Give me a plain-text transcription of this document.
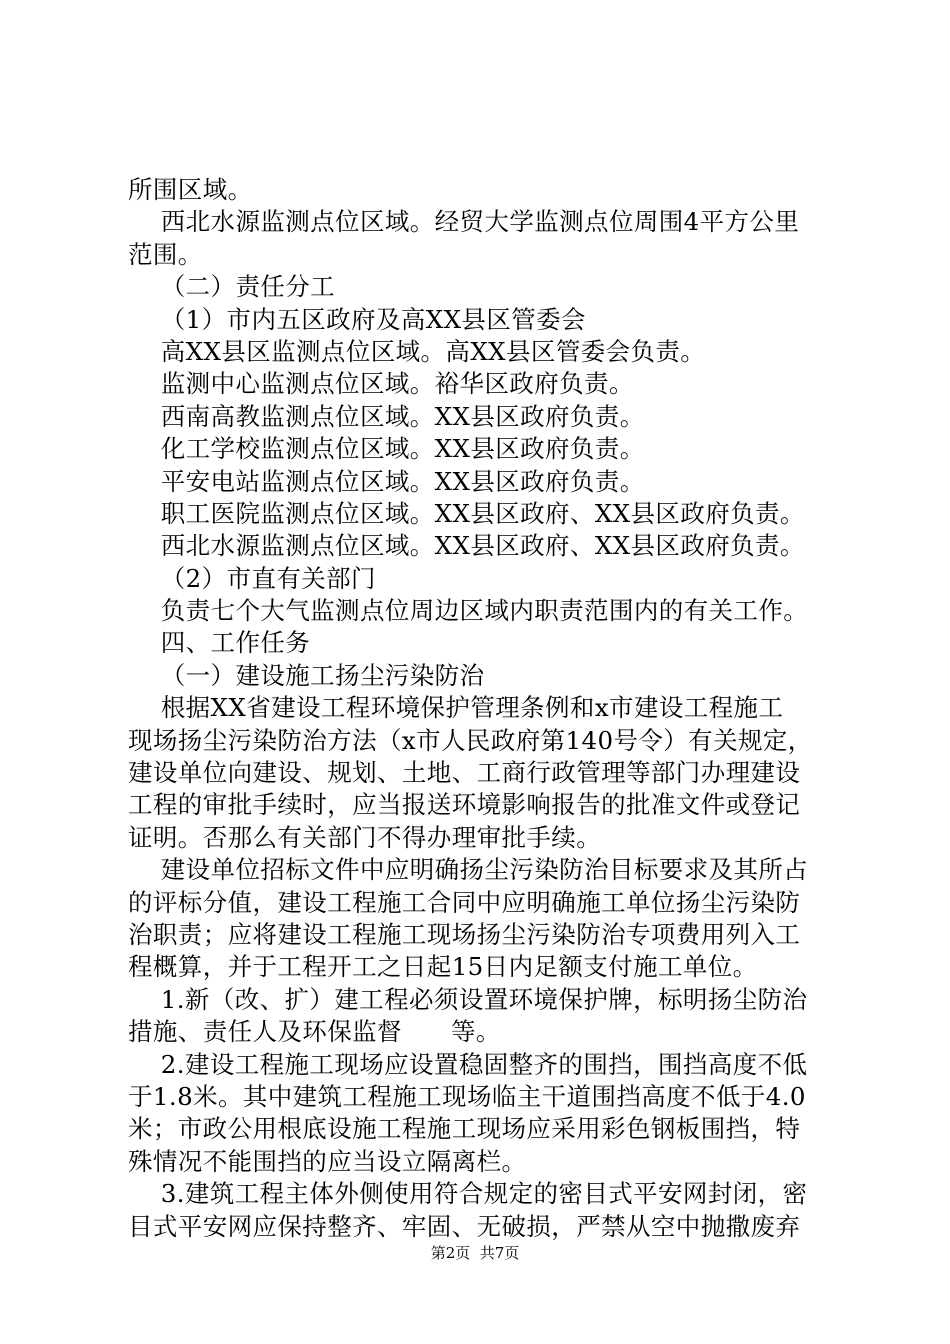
所围区域。
西北水源监测点位区域。经贸大学监测点位周围4平方公里
范围。
（二）责任分工
（1）市内五区政府及高XX县区管委会
高XX县区监测点位区域。高XX县区管委会负责。
监测中心监测点位区域。裕华区政府负责。
西南高教监测点位区域。XX县区政府负责。
化工学校监测点位区域。XX县区政府负责。
平安电站监测点位区域。XX县区政府负责。
职工医院监测点位区域。XX县区政府、XX县区政府负责。
西北水源监测点位区域。XX县区政府、XX县区政府负责。
（2）市直有关部门
负责七个大气监测点位周边区域内职责范围内的有关工作。
四、工作任务
（一）建设施工扬尘污染防治
根据XX省建设工程环境保护管理条例和x市建设工程施工
现场扬尘污染防治方法（x市人民政府第140号令）有关规定，
建设单位向建设、规划、土地、工商行政管理等部门办理建设
工程的审批手续时，应当报送环境影响报告的批准文件或登记
证明。否那么有关部门不得办理审批手续。
建设单位招标文件中应明确扬尘污染防治目标要求及其所占
的评标分值，建设工程施工合同中应明确施工单位扬尘污染防
治职责；应将建设工程施工现场扬尘污染防治专项费用列入工
程概算，并于工程开工之日起15日内足额支付施工单位。
1.新（改、扩）建工程必须设置环境保护牌，标明扬尘防治
措施、责任人及环保监督      等。
2.建设工程施工现场应设置稳固整齐的围挡，围挡高度不低
于1.8米。其中建筑工程施工现场临主干道围挡高度不低于4.0
米；市政公用根底设施工程施工现场应采用彩色钢板围挡，特
殊情况不能围挡的应当设立隔离栏。
3.建筑工程主体外侧使用符合规定的密目式平安网封闭，密
目式平安网应保持整齐、牢固、无破损，严禁从空中抛撒废弃
第2页  共7页
